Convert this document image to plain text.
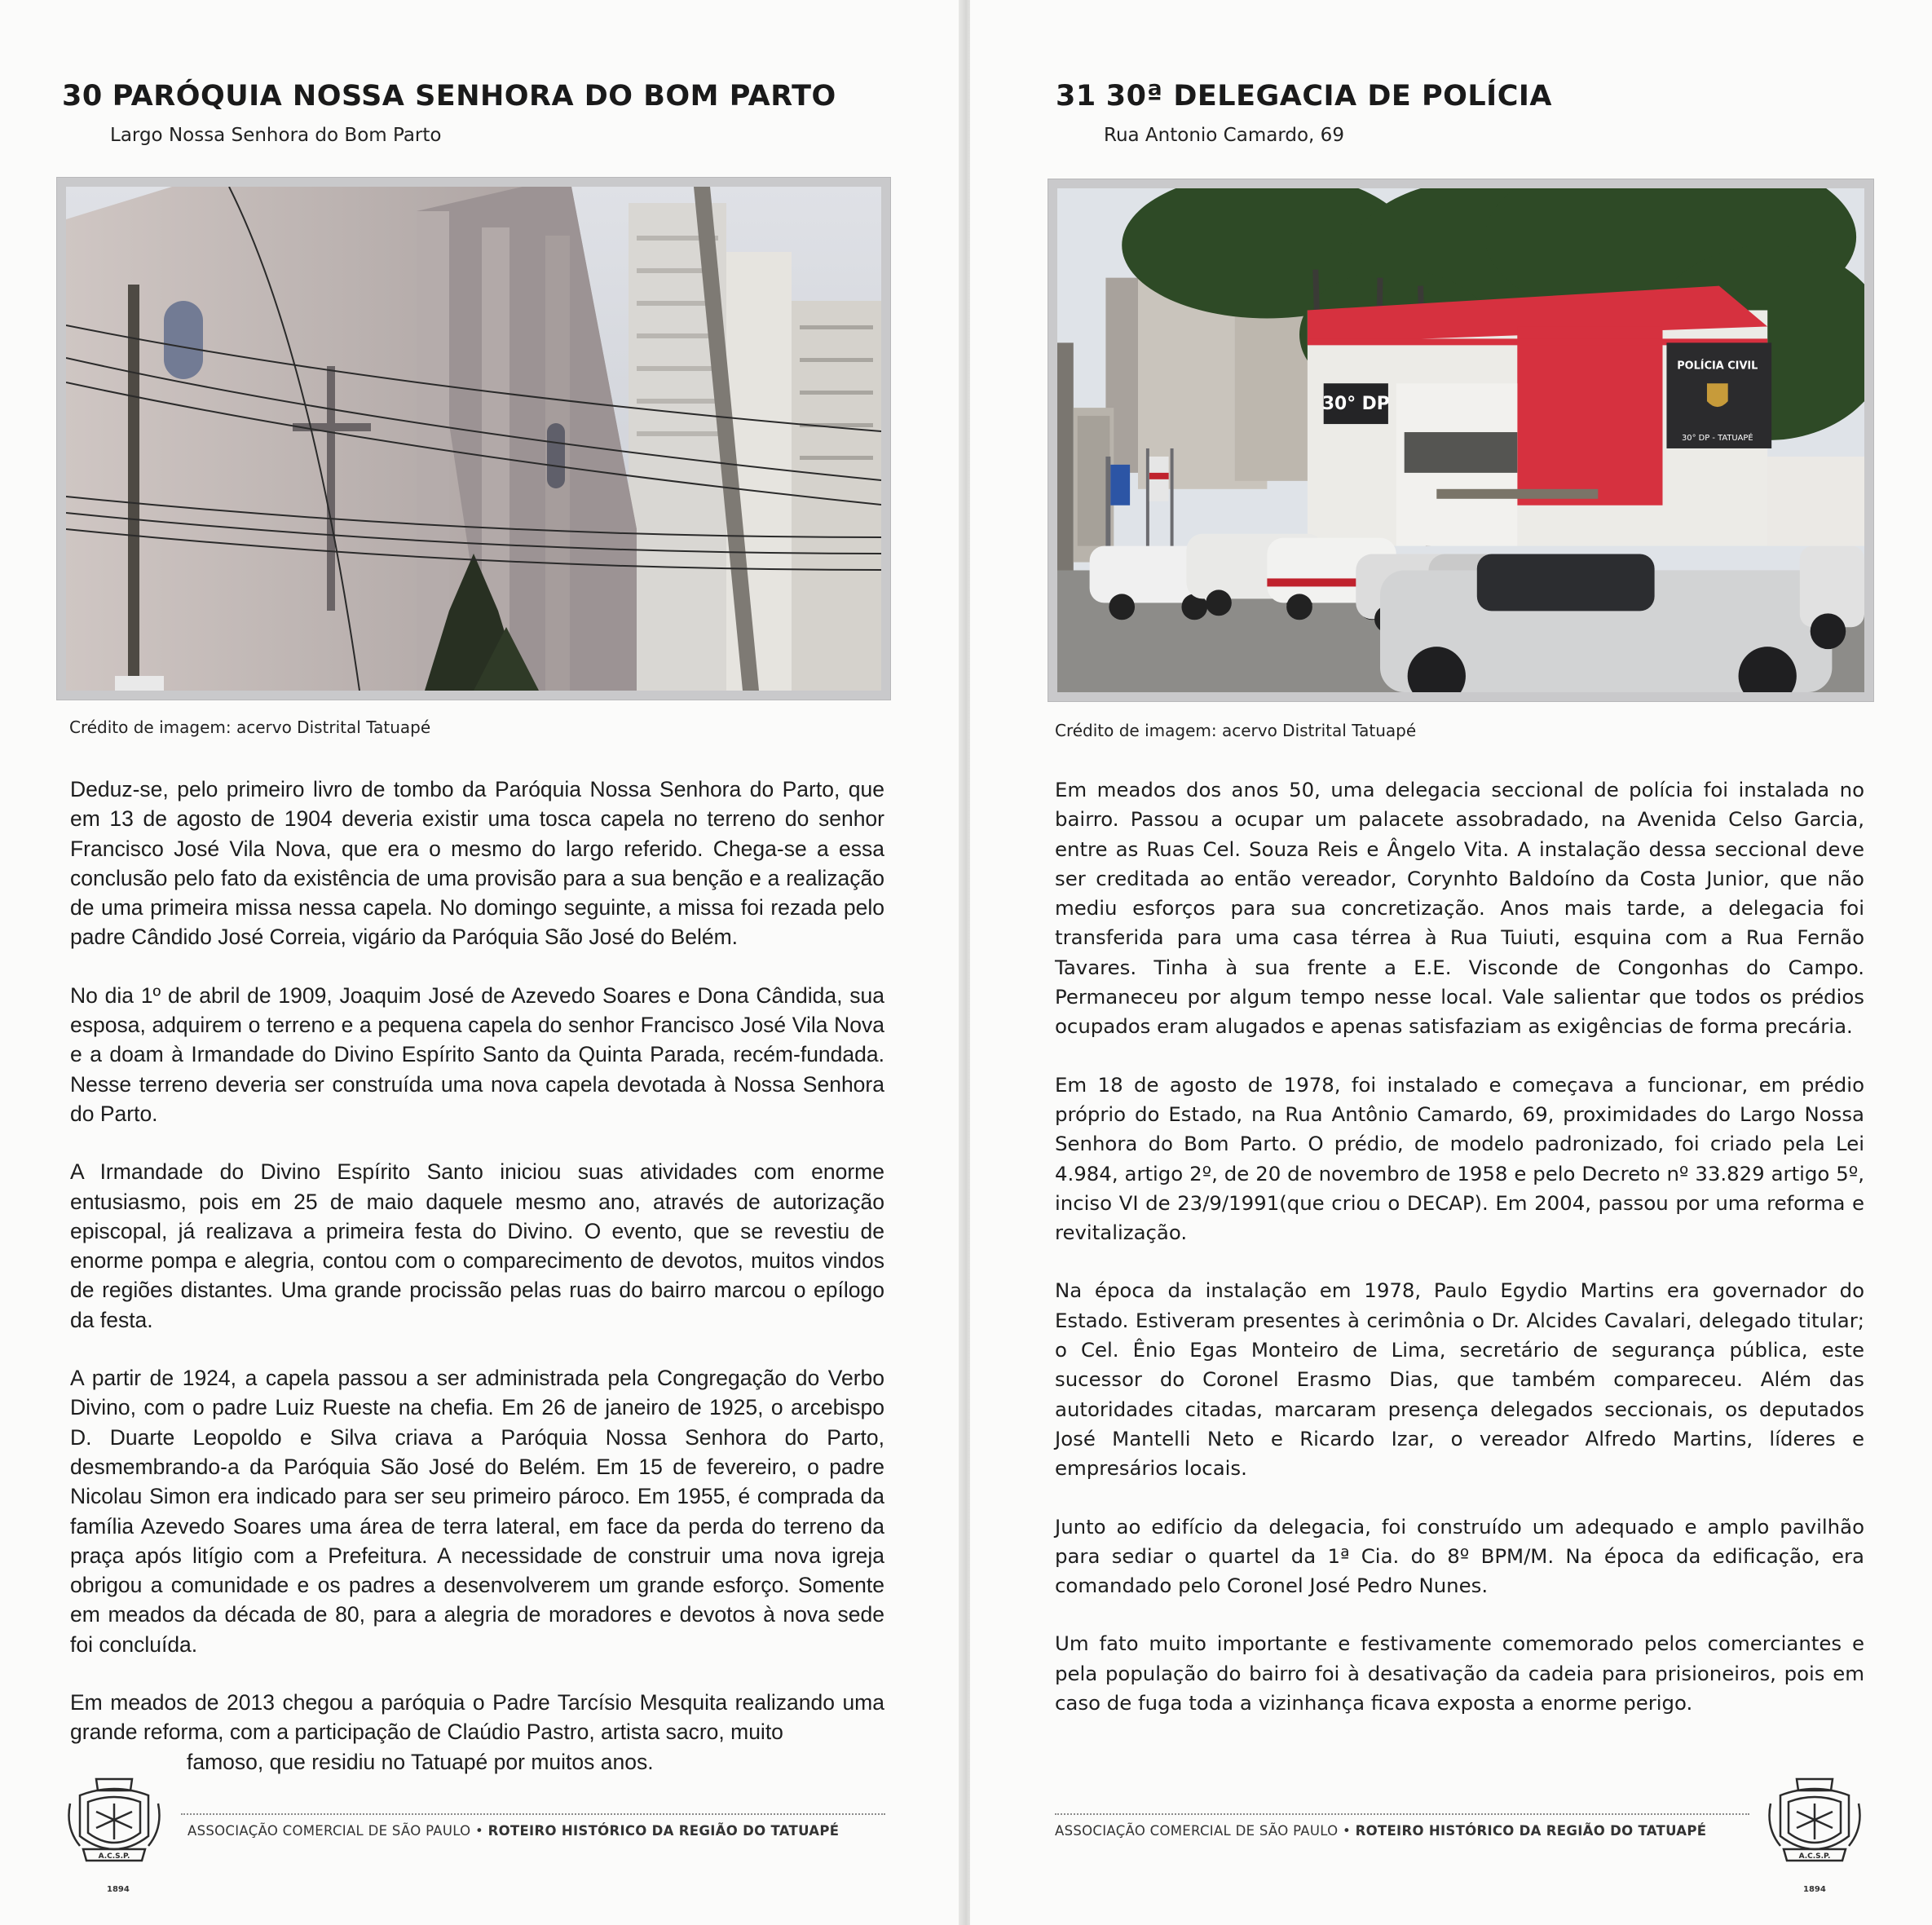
30 PARÓQUIA NOSSA SENHORA DO BOM PARTO
Largo Nossa Senhora do Bom Parto
Crédito de imagem: acervo Distrital Tatuapé

Deduz-se, pelo primeiro livro de tombo da Paróquia Nossa Senhora do Parto, que em 13 de agosto de 1904 deveria existir uma tosca capela no terreno do senhor Francisco José Vila Nova, que era o mesmo do largo referido. Chega-se a essa conclusão pelo fato da existência de uma provisão para a sua benção e a realização de uma primeira missa nessa capela. No domingo seguinte, a missa foi rezada pelo padre Cândido José Correia, vigário da Paróquia São José do Belém.

No dia 1º de abril de 1909, Joaquim José de Azevedo Soares e Dona Cândida, sua esposa, adquirem o terreno e a pequena capela do senhor Francisco José Vila Nova e a doam à Irmandade do Divino Espírito Santo da Quinta Parada, recém-fundada. Nesse terreno deveria ser construída uma nova capela devotada à Nossa Senhora do Parto.

A Irmandade do Divino Espírito Santo iniciou suas atividades com enorme entusiasmo, pois em 25 de maio daquele mesmo ano, através de autorização episcopal, já realizava a primeira festa do Divino. O evento, que se revestiu de enorme pompa e alegria, contou com o comparecimento de devotos, muitos vindos de regiões distantes. Uma grande procissão pelas ruas do bairro marcou o epílogo da festa.

A partir de 1924, a capela passou a ser administrada pela Congregação do Verbo Divino, com o padre Luiz Rueste na chefia. Em 26 de janeiro de 1925, o arcebispo D. Duarte Leopoldo e Silva criava a Paróquia Nossa Senhora do Parto, desmembrando-a da Paróquia São José do Belém. Em 15 de fevereiro, o padre Nicolau Simon era indicado para ser seu primeiro pároco. Em 1955, é comprada da família Azevedo Soares uma área de terra lateral, em face da perda do terreno da praça após litígio com a Prefeitura. A necessidade de construir uma nova igreja obrigou a comunidade e os padres a desenvolverem um grande esforço. Somente em meados da década de 80, para a alegria de moradores e devotos à nova sede foi concluída.

Em meados de 2013 chegou a paróquia o Padre Tarcísio Mesquita realizando uma grande reforma, com a participação de Claúdio Pastro, artista sacro, muito

famoso, que residiu no Tatuapé por muitos anos.

A.C.S.P.
1894
ASSOCIAÇÃO COMERCIAL DE SÃO PAULO • ROTEIRO HISTÓRICO DA REGIÃO DO TATUAPÉ
31 30ª DELEGACIA DE POLÍCIA
Rua Antonio Camardo, 69
30° DP
POLÍCIA CIVIL
30° DP - TATUAPÉ
Crédito de imagem: acervo Distrital Tatuapé

Em meados dos anos 50, uma delegacia seccional de polícia foi instalada no bairro. Passou a ocupar um palacete assobradado, na Avenida Celso Garcia, entre as Ruas Cel. Souza Reis e Ângelo Vita. A instalação dessa seccional deve ser creditada ao então vereador, Corynhto Baldoíno da Costa Junior, que não mediu esforços para sua concretização. Anos mais tarde, a delegacia foi transferida para uma casa térrea à Rua Tuiuti, esquina com a Rua Fernão Tavares. Tinha à sua frente a E.E. Visconde de Congonhas do Campo. Permaneceu por algum tempo nesse local. Vale salientar que todos os prédios ocupados eram alugados e apenas satisfaziam as exigências de forma precária.

Em 18 de agosto de 1978, foi instalado e começava a funcionar, em prédio próprio do Estado, na Rua Antônio Camardo, 69, proximidades do Largo Nossa Senhora do Bom Parto. O prédio, de modelo padronizado, foi criado pela Lei 4.984, artigo 2º, de 20 de novembro de 1958 e pelo Decreto nº 33.829 artigo 5º, inciso VI de 23/9/1991(que criou o DECAP). Em 2004, passou por uma reforma e revitalização.

Na época da instalação em 1978, Paulo Egydio Martins era governador do Estado. Estiveram presentes à cerimônia o Dr. Alcides Cavalari, delegado titular; o Cel. Ênio Egas Monteiro de Lima, secretário de segurança pública, este sucessor do Coronel Erasmo Dias, que também compareceu. Além das autoridades citadas, marcaram presença delegados seccionais, os deputados José Mantelli Neto e Ricardo Izar, o vereador Alfredo Martins, líderes e empresários locais.

Junto ao edifício da delegacia, foi construído um adequado e amplo pavilhão para sediar o quartel da 1ª Cia. do 8º BPM/M. Na época da edificação, era comandado pelo Coronel José Pedro Nunes.

Um fato muito importante e festivamente comemorado pelos comerciantes e pela população do bairro foi à desativação da cadeia para prisioneiros, pois em caso de fuga toda a vizinhança ficava exposta a enorme perigo.

ASSOCIAÇÃO COMERCIAL DE SÃO PAULO • ROTEIRO HISTÓRICO DA REGIÃO DO TATUAPÉ
A.C.S.P.
1894
